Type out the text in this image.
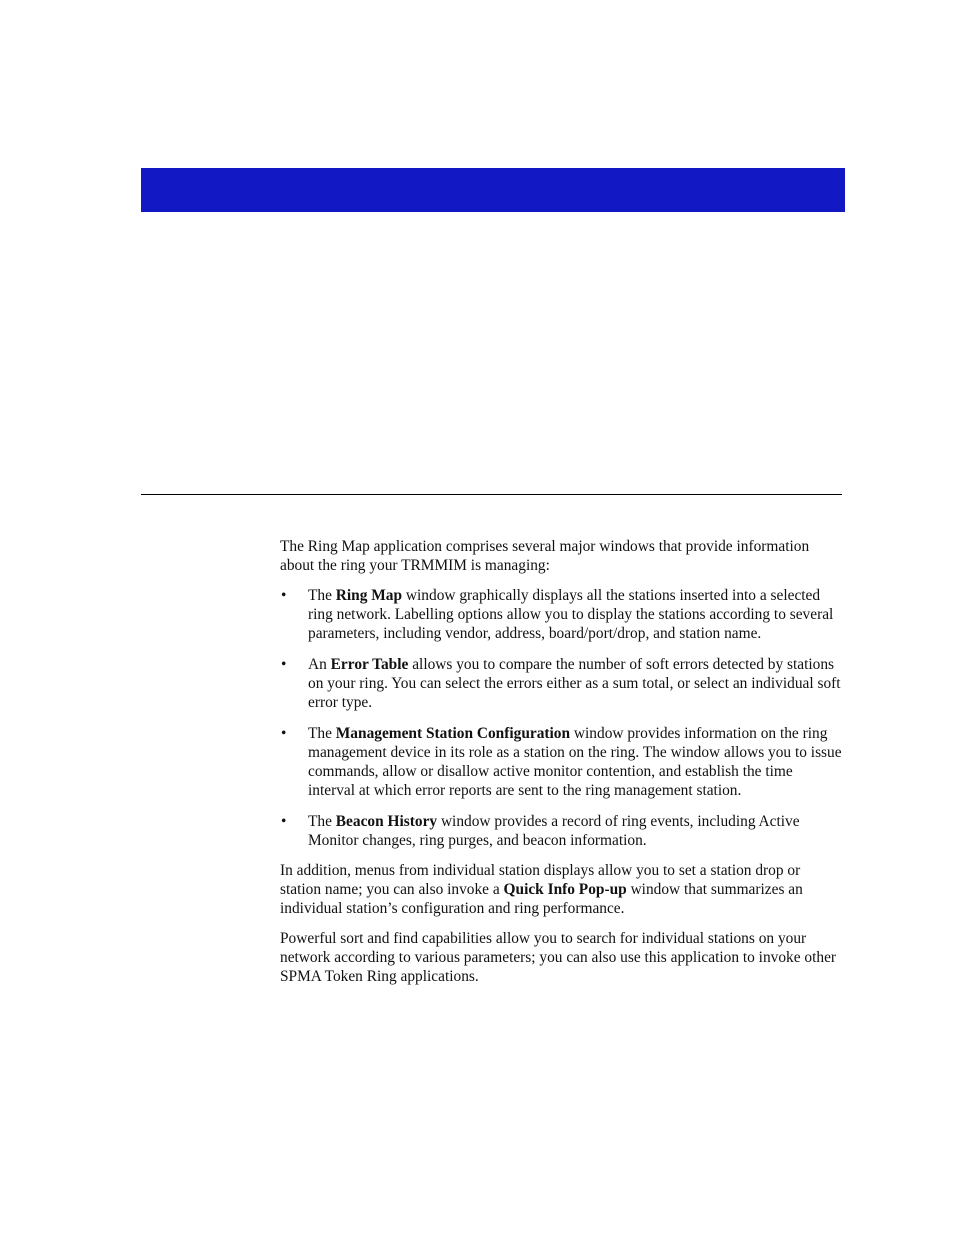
The Ring Map application comprises several major windows that provide information about the ring your TRMMIM is managing:

• The Ring Map window graphically displays all the stations inserted into a selected ring network. Labelling options allow you to display the stations according to several parameters, including vendor, address, board/port/drop, and station name.
• An Error Table allows you to compare the number of soft errors detected by stations on your ring. You can select the errors either as a sum total, or select an individual soft error type.
• The Management Station Configuration window provides information on the ring management device in its role as a station on the ring. The window allows you to issue commands, allow or disallow active monitor contention, and establish the time interval at which error reports are sent to the ring management station.
• The Beacon History window provides a record of ring events, including Active Monitor changes, ring purges, and beacon information.

In addition, menus from individual station displays allow you to set a station drop or station name; you can also invoke a Quick Info Pop-up window that summarizes an individual station’s configuration and ring performance.

Powerful sort and find capabilities allow you to search for individual stations on your network according to various parameters; you can also use this application to invoke other SPMA Token Ring applications.
